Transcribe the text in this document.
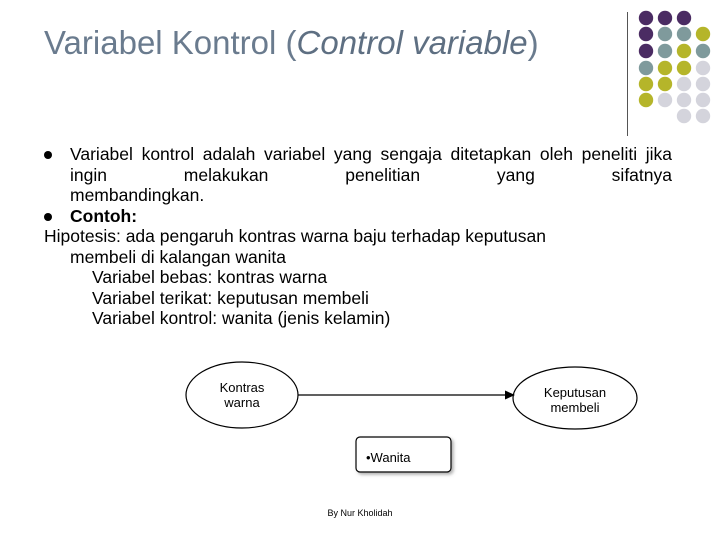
Variabel Kontrol (Control variable)
Variabel kontrol adalah variabel yang sengaja ditetapkan oleh peneliti jika ingin melakukan penelitian yang sifatnya
membandingkan.
Contoh:
Hipotesis: ada pengaruh kontras warna baju terhadap keputusan
membeli di kalangan wanita
Variabel bebas: kontras warna
Variabel terikat: keputusan membeli
Variabel kontrol: wanita (jenis kelamin)
Kontras
warna
Keputusan
membeli
•Wanita
By Nur Kholidah
